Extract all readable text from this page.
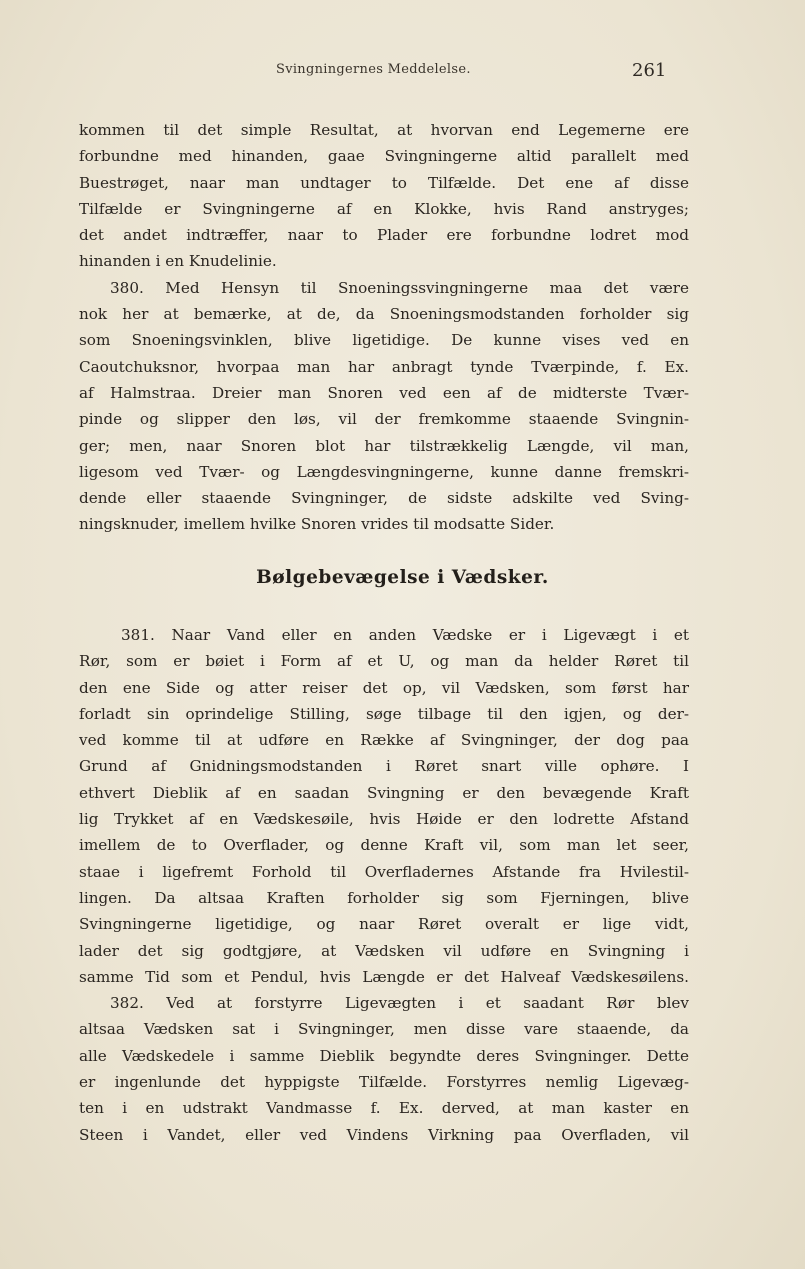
Svingningernes Meddelelse.	261
kommen til det simple Resultat, at hvorvan end Legemerne ere
forbundne med hinanden, gaae Svingningerne altid parallelt med
Buestrøget, naar man undtager to Tilfælde. Det ene af disse
Tilfælde er Svingningerne af en Klokke, hvis Rand anstryges;
det andet indtræffer, naar to Plader ere forbundne lodret mod
hinanden i en Knudelinie.
380. Med Hensyn til Snoeningssvingningerne maa det være
nok her at bemærke, at de, da Snoeningsmodstanden forholder sig
som Snoeningsvinklen, blive ligetidige. De kunne vises ved en
Caoutchuksnor, hvorpaa man har anbragt tynde Tværpinde, f. Ex.
af Halmstraa. Dreier man Snoren ved een af de midterste Tvær-
pinde og slipper den løs, vil der fremkomme staaende Svingnin-
ger; men, naar Snoren blot har tilstrækkelig Længde, vil man,
ligesom ved Tvær- og Længdesvingningerne, kunne danne fremskri-
dende eller staaende Svingninger, de sidste adskilte ved Sving-
ningsknuder, imellem hvilke Snoren vrides til modsatte Sider.
Bølgebevægelse i Vædsker.
381. Naar Vand eller en anden Vædske er i Ligevægt i et
Rør, som er bøiet i Form af et U, og man da helder Røret til
den ene Side og atter reiser det op, vil Vædsken, som først har
forladt sin oprindelige Stilling, søge tilbage til den igjen, og der-
ved komme til at udføre en Række af Svingninger, der dog paa
Grund af Gnidningsmodstanden i Røret snart ville ophøre. I
ethvert Dieblik af en saadan Svingning er den bevægende Kraft
lig Trykket af en Vædskesøile, hvis Høide er den lodrette Afstand
imellem de to Overflader, og denne Kraft vil, som man let seer,
staae i ligefremt Forhold til Overfladernes Afstande fra Hvilestil-
lingen. Da altsaa Kraften forholder sig som Fjerningen, blive
Svingningerne ligetidige, og naar Røret overalt er lige vidt,
lader det sig godtgjøre, at Vædsken vil udføre en Svingning i
samme Tid som et Pendul, hvis Længde er det Halveaf Vædskesøilens.
382. Ved at forstyrre Ligevægten i et saadant Rør blev
altsaa Vædsken sat i Svingninger, men disse vare staaende, da
alle Vædskedele i samme Dieblik begyndte deres Svingninger. Dette
er ingenlunde det hyppigste Tilfælde. Forstyrres nemlig Ligevæg-
ten i en udstrakt Vandmasse f. Ex. derved, at man kaster en
Steen i Vandet, eller ved Vindens Virkning paa Overfladen, vil
